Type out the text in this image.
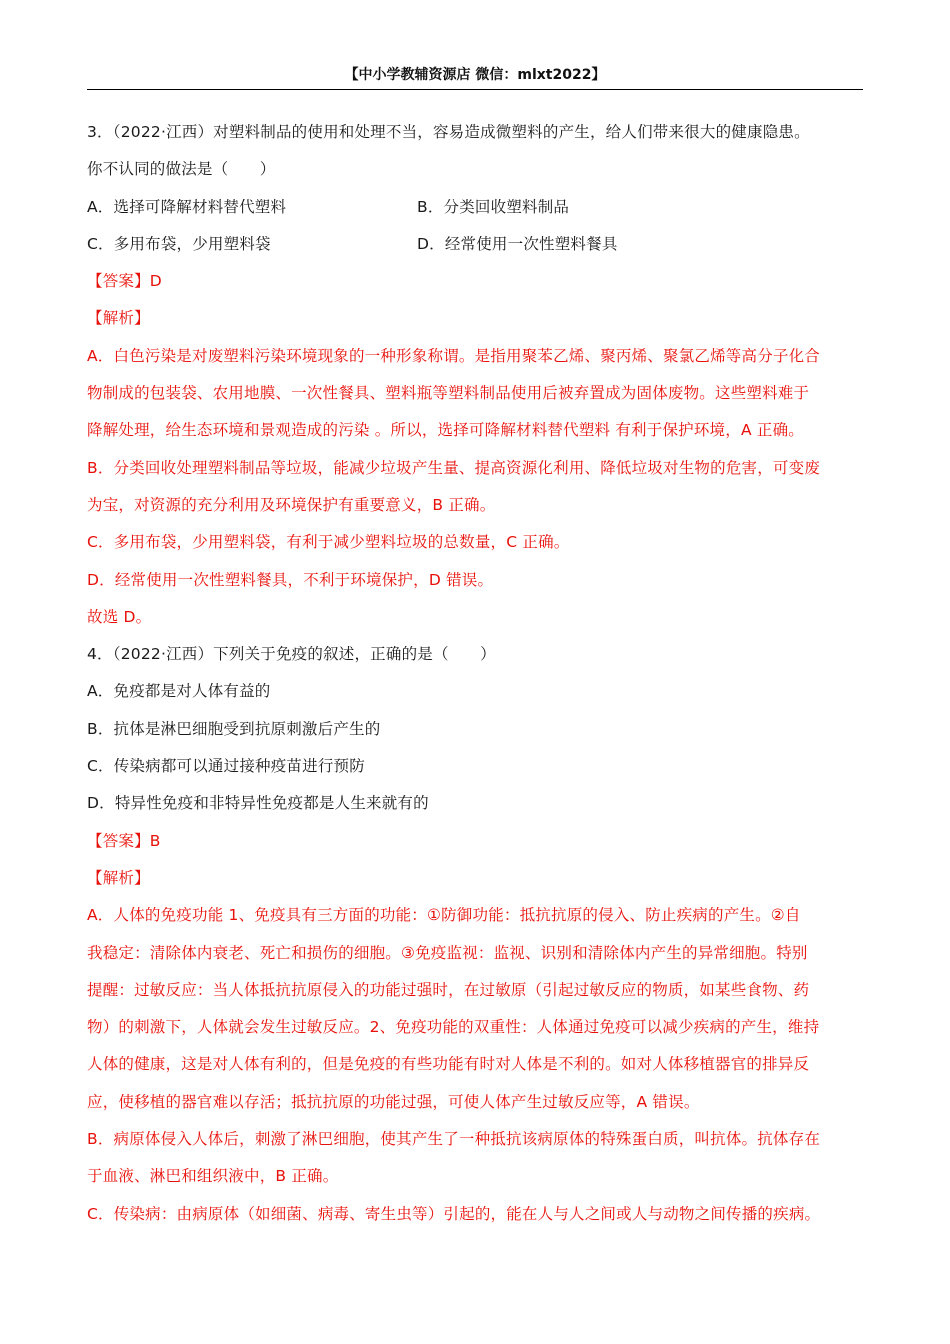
【中小学教辅资源店 微信：mlxt2022】
3．（2022·江西）对塑料制品的使用和处理不当，容易造成微塑料的产生，给人们带来很大的健康隐患。
你不认同的做法是（　　）
A．选择可降解材料替代塑料	B．分类回收塑料制品
C．多用布袋，少用塑料袋	D．经常使用一次性塑料餐具
【答案】D
【解析】
A．白色污染是对废塑料污染环境现象的一种形象称谓。是指用聚苯乙烯、聚丙烯、聚氯乙烯等高分子化合
物制成的包装袋、农用地膜、一次性餐具、塑料瓶等塑料制品使用后被弃置成为固体废物。这些塑料难于
降解处理，给生态环境和景观造成的污染 。所以，选择可降解材料替代塑料 有利于保护环境，A 正确。
B．分类回收处理塑料制品等垃圾，能减少垃圾产生量、提高资源化利用、降低垃圾对生物的危害，可变废
为宝，对资源的充分利用及环境保护有重要意义，B 正确。
C．多用布袋，少用塑料袋，有利于减少塑料垃圾的总数量，C 正确。
D．经常使用一次性塑料餐具，不利于环境保护，D 错误。
故选 D。
4．（2022·江西）下列关于免疫的叙述，正确的是（　　）
A．免疫都是对人体有益的
B．抗体是淋巴细胞受到抗原刺激后产生的
C．传染病都可以通过接种疫苗进行预防
D．特异性免疫和非特异性免疫都是人生来就有的
【答案】B
【解析】
A．人体的免疫功能 1、免疫具有三方面的功能：①防御功能：抵抗抗原的侵入、防止疾病的产生。②自
我稳定：清除体内衰老、死亡和损伤的细胞。③免疫监视：监视、识别和清除体内产生的异常细胞。特别
提醒：过敏反应：当人体抵抗抗原侵入的功能过强时，在过敏原（引起过敏反应的物质，如某些食物、药
物）的刺激下，人体就会发生过敏反应。2、免疫功能的双重性：人体通过免疫可以减少疾病的产生，维持
人体的健康，这是对人体有利的，但是免疫的有些功能有时对人体是不利的。如对人体移植器官的排异反
应，使移植的器官难以存活；抵抗抗原的功能过强，可使人体产生过敏反应等，A 错误。
B．病原体侵入人体后，刺激了淋巴细胞，使其产生了一种抵抗该病原体的特殊蛋白质，叫抗体。抗体存在
于血液、淋巴和组织液中，B 正确。
C．传染病：由病原体（如细菌、病毒、寄生虫等）引起的，能在人与人之间或人与动物之间传播的疾病。
